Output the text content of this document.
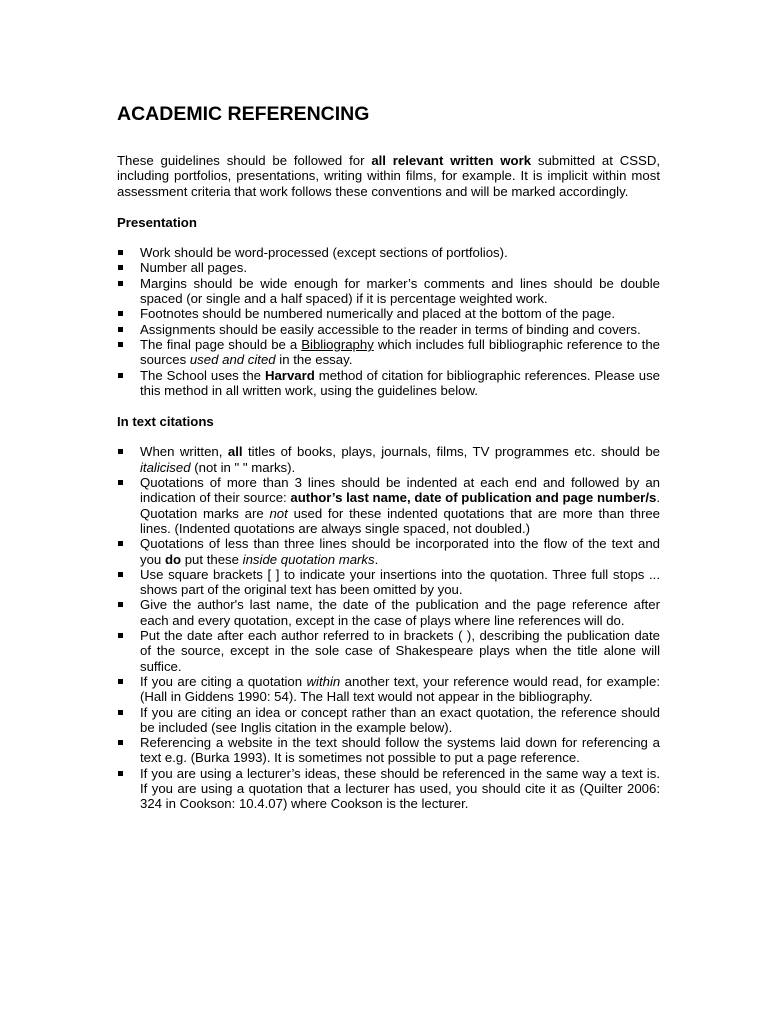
ACADEMIC REFERENCING

These guidelines should be followed for all relevant written work submitted at CSSD, including portfolios, presentations, writing within films, for example. It is implicit within most assessment criteria that work follows these conventions and will be marked accordingly.

Presentation
Work should be word-processed (except sections of portfolios).
Number all pages.
Margins should be wide enough for marker’s comments and lines should be double spaced (or single and a half spaced) if it is percentage weighted work.
Footnotes should be numbered numerically and placed at the bottom of the page.
Assignments should be easily accessible to the reader in terms of binding and covers.
The final page should be a Bibliography which includes full bibliographic reference to the sources used and cited in the essay.
The School uses the Harvard method of citation for bibliographic references. Please use this method in all written work, using the guidelines below.
In text citations
When written, all titles of books, plays, journals, films, TV programmes etc. should be italicised (not in " " marks).
Quotations of more than 3 lines should be indented at each end and followed by an indication of their source: author’s last name, date of publication and page number/s. Quotation marks are not used for these indented quotations that are more than three lines. (Indented quotations are always single spaced, not doubled.)
Quotations of less than three lines should be incorporated into the flow of the text and you do put these inside quotation marks.
Use square brackets [ ] to indicate your insertions into the quotation. Three full stops ... shows part of the original text has been omitted by you.
Give the author's last name, the date of the publication and the page reference after each and every quotation, except in the case of plays where line references will do.
Put the date after each author referred to in brackets ( ), describing the publication date of the source, except in the sole case of Shakespeare plays when the title alone will suffice.
If you are citing a quotation within another text, your reference would read, for example: (Hall in Giddens 1990: 54). The Hall text would not appear in the bibliography.
If you are citing an idea or concept rather than an exact quotation, the reference should be included (see Inglis citation in the example below).
Referencing a website in the text should follow the systems laid down for referencing a text e.g. (Burka 1993). It is sometimes not possible to put a page reference.
If you are using a lecturer’s ideas, these should be referenced in the same way a text is. If you are using a quotation that a lecturer has used, you should cite it as (Quilter 2006: 324 in Cookson: 10.4.07) where Cookson is the lecturer.
